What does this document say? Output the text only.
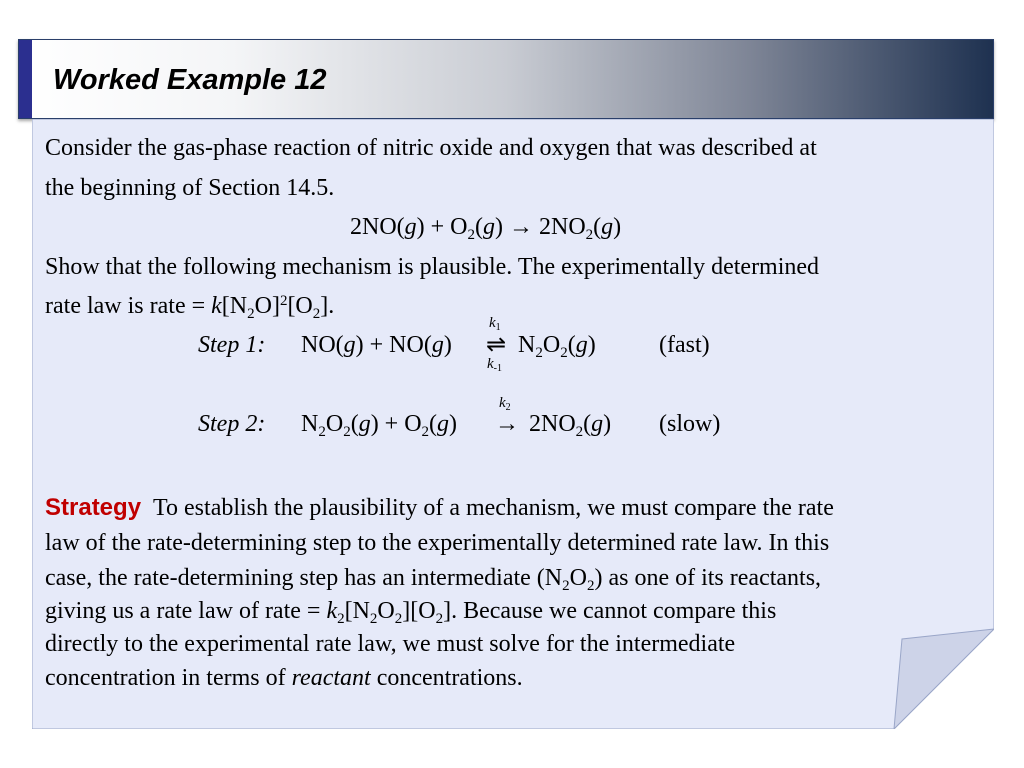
Worked Example 12
Consider the gas-phase reaction of nitric oxide and oxygen that was described at
the beginning of Section 14.5.
$2NO(g) + O_2(g) \to 2NO_2(g)$
Show that the following mechanism is plausible. The experimentally determined
rate law is rate = $k[N_2O]^2[O_2]$.
Step 1: NO(g) + NO(g) ⇌
$k_1$
$k_{-1}$
$N_2O_2(g)$	(fast)
Step 2: $N_2O_2(g) + O_2(g)$ →
$k_2$
$2NO_2(g)$ (slow)
Strategy To establish the plausibility of a mechanism, we must compare the rate
law of the rate-determining step to the experimentally determined rate law. In this
case, the rate-determining step has an intermediate $(N_2O_2)$ as one of its reactants,
giving us a rate law of rate = $k_2[N_2O_2][O_2]$. Because we cannot compare this
directly to the experimental rate law, we must solve for the intermediate
concentration in terms of reactant concentrations.
